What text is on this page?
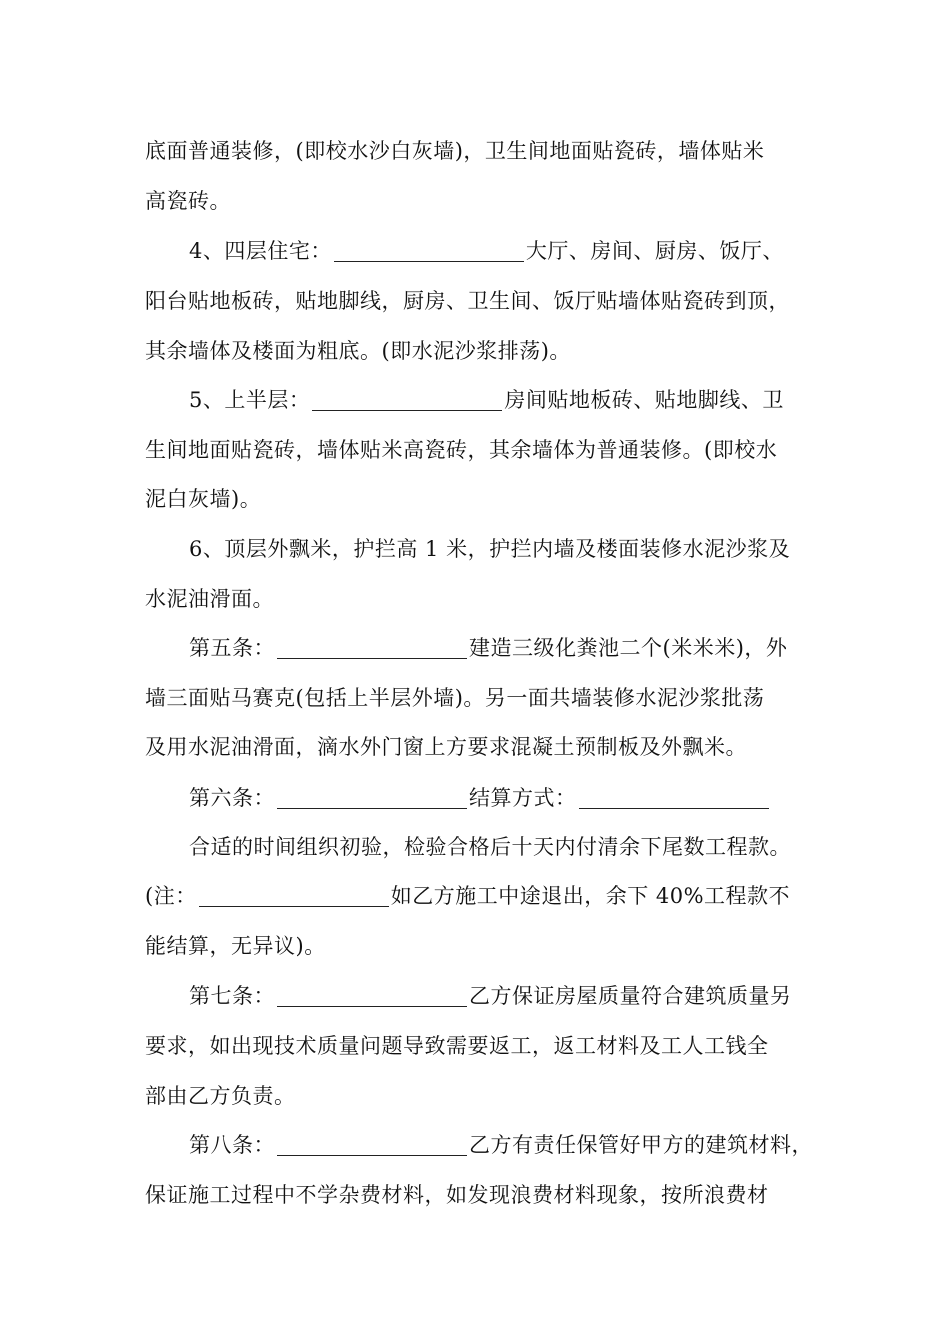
底面普通装修，(即校水沙白灰墙)，卫生间地面贴瓷砖，墙体贴米
高瓷砖。
4、四层住宅：	大厅、房间、厨房、饭厅、
阳台贴地板砖，贴地脚线，厨房、卫生间、饭厅贴墙体贴瓷砖到顶，
其余墙体及楼面为粗底。(即水泥沙浆排荡)。
5、上半层：	房间贴地板砖、贴地脚线、卫
生间地面贴瓷砖，墙体贴米高瓷砖，其余墙体为普通装修。(即校水
泥白灰墙)。
6、顶层外飘米，护拦高 1 米，护拦内墙及楼面装修水泥沙浆及
水泥油滑面。
第五条：	建造三级化粪池二个(米米米)，外
墙三面贴马赛克(包括上半层外墙)。另一面共墙装修水泥沙浆批荡
及用水泥油滑面，滴水外门窗上方要求混凝土预制板及外飘米。
第六条：	结算方式：
合适的时间组织初验，检验合格后十天内付清余下尾数工程款。
(注：	如乙方施工中途退出，余下 40%工程款不
能结算，无异议)。
第七条：	乙方保证房屋质量符合建筑质量另
要求，如出现技术质量问题导致需要返工，返工材料及工人工钱全
部由乙方负责。
第八条：	乙方有责任保管好甲方的建筑材料，
保证施工过程中不学杂费材料，如发现浪费材料现象，按所浪费材
